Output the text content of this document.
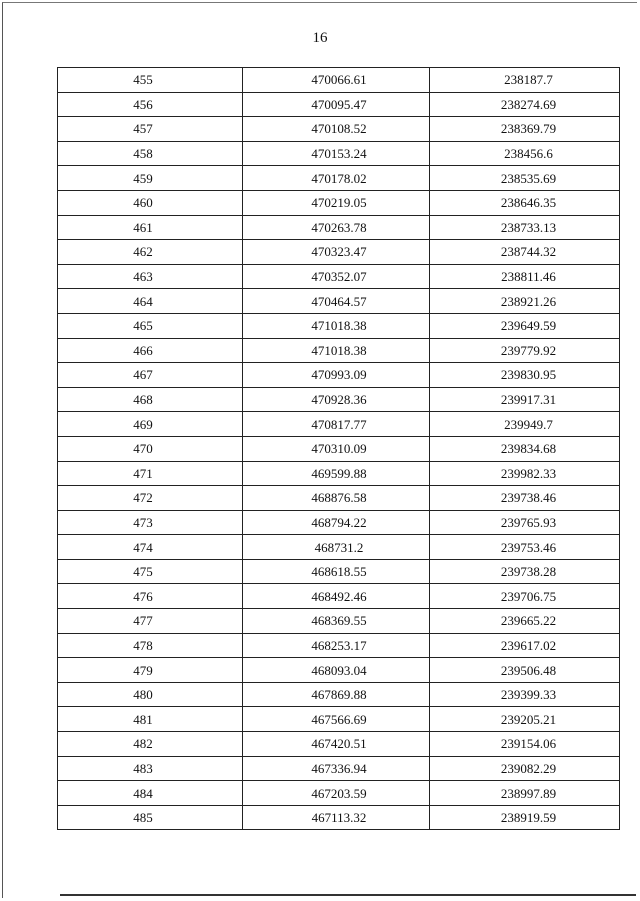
16
455	470066.61	238187.7
456	470095.47	238274.69
457	470108.52	238369.79
458	470153.24	238456.6
459	470178.02	238535.69
460	470219.05	238646.35
461	470263.78	238733.13
462	470323.47	238744.32
463	470352.07	238811.46
464	470464.57	238921.26
465	471018.38	239649.59
466	471018.38	239779.92
467	470993.09	239830.95
468	470928.36	239917.31
469	470817.77	239949.7
470	470310.09	239834.68
471	469599.88	239982.33
472	468876.58	239738.46
473	468794.22	239765.93
474	468731.2	239753.46
475	468618.55	239738.28
476	468492.46	239706.75
477	468369.55	239665.22
478	468253.17	239617.02
479	468093.04	239506.48
480	467869.88	239399.33
481	467566.69	239205.21
482	467420.51	239154.06
483	467336.94	239082.29
484	467203.59	238997.89
485	467113.32	238919.59
